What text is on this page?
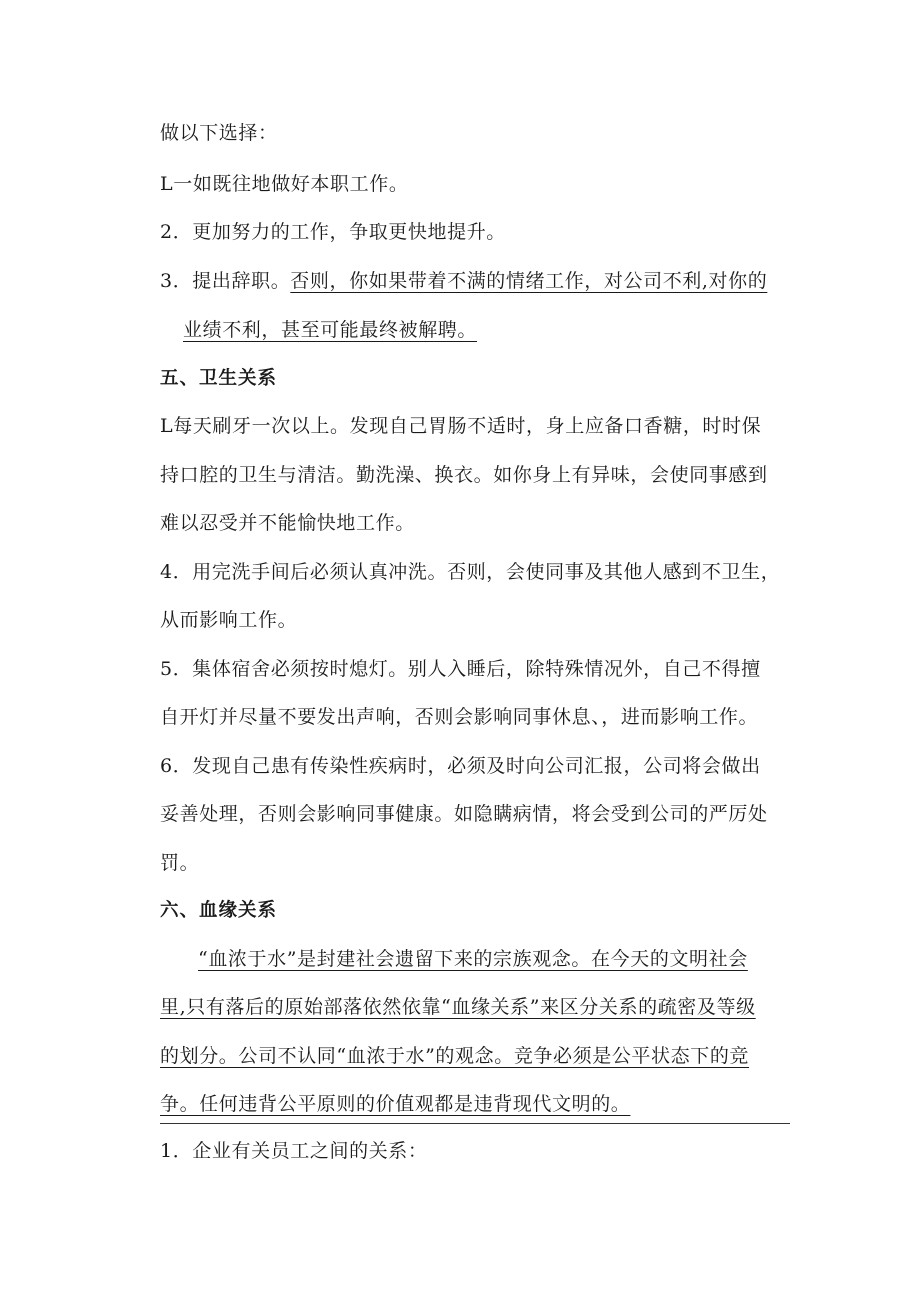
做以下选择：
L一如既往地做好本职工作。
2．更加努力的工作，争取更快地提升。
3．提出辞职。否则，你如果带着不满的情绪工作，对公司不利,对你的
业绩不利，甚至可能最终被解聘。
五、卫生关系
L每天刷牙一次以上。发现自己胃肠不适时，身上应备口香糖，时时保
持口腔的卫生与清洁。勤洗澡、换衣。如你身上有异味，会使同事感到
难以忍受并不能愉快地工作。
4．用完洗手间后必须认真冲洗。否则，会使同事及其他人感到不卫生，
从而影响工作。
5．集体宿舍必须按时熄灯。别人入睡后，除特殊情况外，自己不得擅
自开灯并尽量不要发出声响，否则会影响同事休息、，进而影响工作。
6．发现自己患有传染性疾病时，必须及时向公司汇报，公司将会做出
妥善处理，否则会影响同事健康。如隐瞒病情，将会受到公司的严厉处
罚。
六、血缘关系
“血浓于水”是封建社会遗留下来的宗族观念。在今天的文明社会
里,只有落后的原始部落依然依靠“血缘关系”来区分关系的疏密及等级
的划分。公司不认同“血浓于水”的观念。竞争必须是公平状态下的竞
争。任何违背公平原则的价值观都是违背现代文明的。
1．企业有关员工之间的关系：
